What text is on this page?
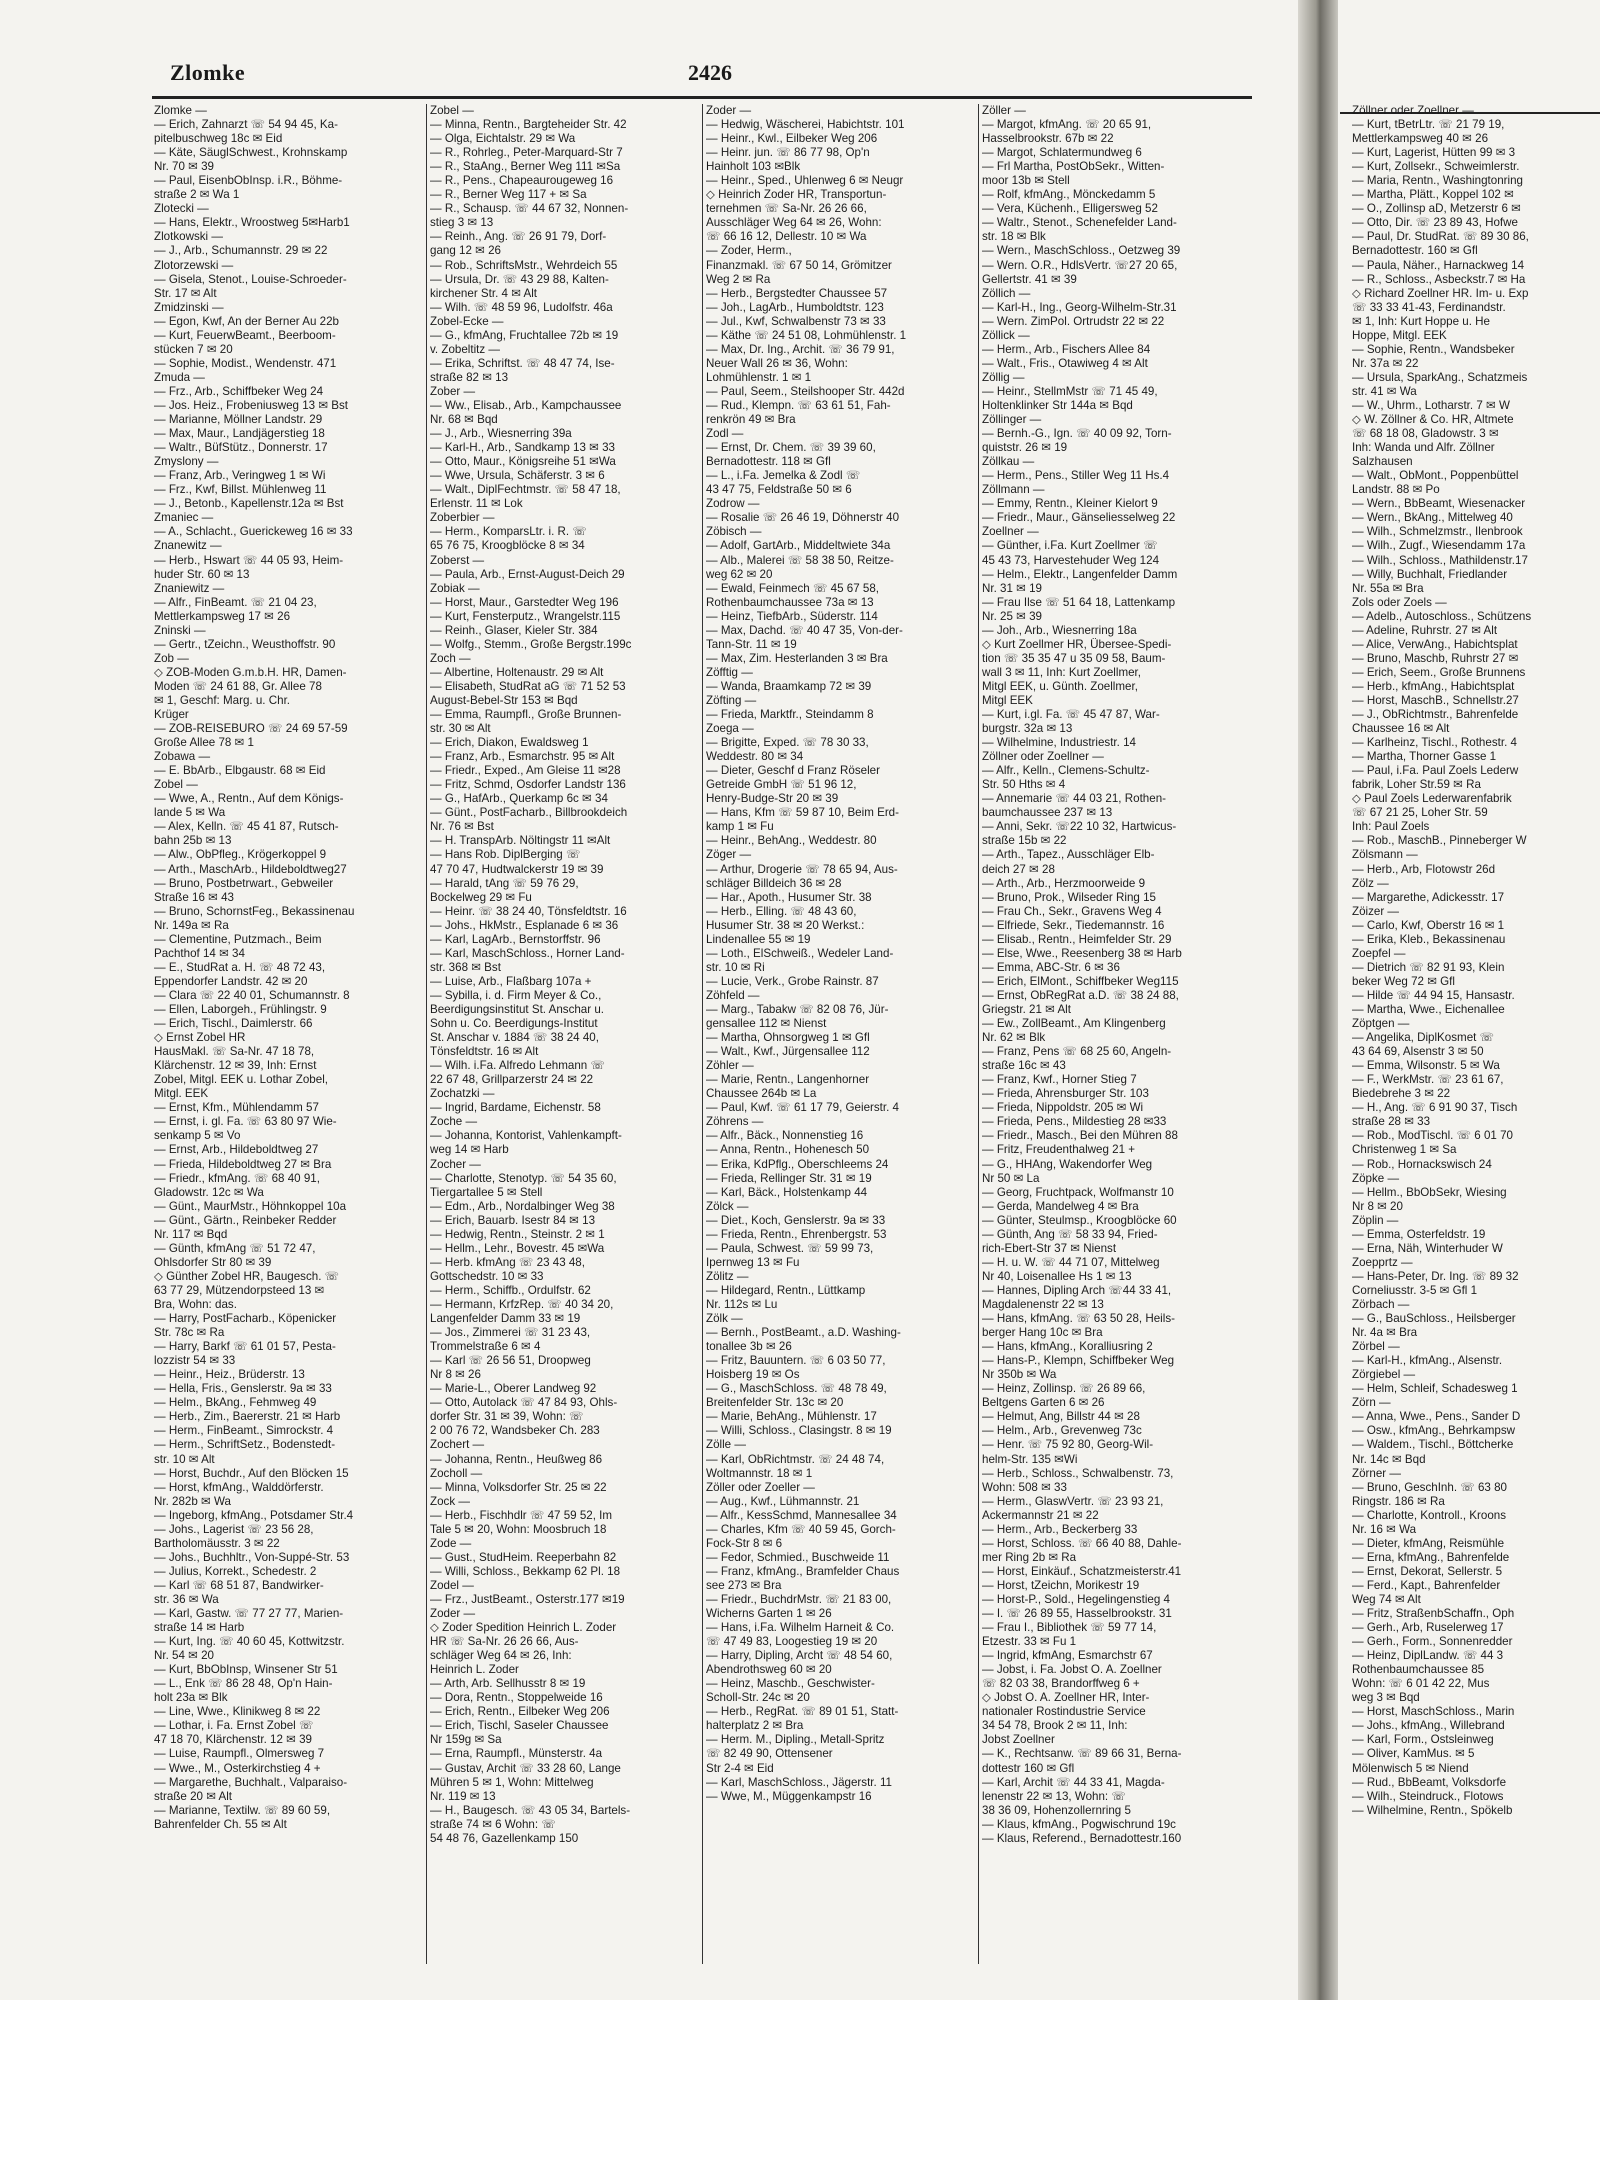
Zlomke	2426
Zlomke —
— Erich, Zahnarzt ☏ 54 94 45, Ka-
pitelbuschweg 18c ✉ Eid
— Käte, SäuglSchwest., Krohnskamp
Nr. 70 ✉ 39
— Paul, EisenbObInsp. i.R., Böhme-
straße 2 ✉ Wa 1
Zlotecki —
— Hans, Elektr., Wroostweg 5✉Harb1
Zlotkowski —
— J., Arb., Schumannstr. 29 ✉ 22
Zlotorzewski —
— Gisela, Stenot., Louise-Schroeder-
Str. 17 ✉ Alt
Zmidzinski —
— Egon, Kwf, An der Berner Au 22b
— Kurt, FeuerwBeamt., Beerboom-
stücken 7 ✉ 20
— Sophie, Modist., Wendenstr. 471
Zmuda —
— Frz., Arb., Schiffbeker Weg 24
— Jos. Heiz., Frobeniusweg 13 ✉ Bst
— Marianne, Möllner Landstr. 29
— Max, Maur., Landjägerstieg 18
— Waltr., BüfStütz., Donnerstr. 17
Zmyslony —
— Franz, Arb., Veringweg 1 ✉ Wi
— Frz., Kwf, Billst. Mühlenweg 11
— J., Betonb., Kapellenstr.12a ✉ Bst
Zmaniec —
— A., Schlacht., Guerickeweg 16 ✉ 33
Znanewitz —
— Herb., Hswart ☏ 44 05 93, Heim-
huder Str. 60 ✉ 13
Znaniewitz —
— Alfr., FinBeamt. ☏ 21 04 23,
Mettlerkampsweg 17 ✉ 26
Zninski —
— Gertr., tZeichn., Weusthoffstr. 90
Zob —
◇ ZOB-Moden G.m.b.H. HR, Damen-
Moden ☏ 24 61 88, Gr. Allee 78
✉ 1, Geschf: Marg. u. Chr.
Krüger
— ZOB-REISEBURO ☏ 24 69 57-59
Große Allee 78 ✉ 1
Zobawa —
— E. BbArb., Elbgaustr. 68 ✉ Eid
Zobel —
— Wwe, A., Rentn., Auf dem Königs-
lande 5 ✉ Wa
— Alex, Kelln. ☏ 45 41 87, Rutsch-
bahn 25b ✉ 13
— Alw., ObPfleg., Krögerkoppel 9
— Arth., MaschArb., Hildeboldtweg27
— Bruno, Postbetrwart., Gebweiler
Straße 16 ✉ 43
— Bruno, SchornstFeg., Bekassinenau
Nr. 149a ✉ Ra
— Clementine, Putzmach., Beim
Pachthof 14 ✉ 34
— E., StudRat a. H. ☏ 48 72 43,
Eppendorfer Landstr. 42 ✉ 20
— Clara ☏ 22 40 01, Schumannstr. 8
— Ellen, Laborgeh., Frühlingstr. 9
— Erich, Tischl., Daimlerstr. 66
◇ Ernst Zobel HR
HausMakl. ☏ Sa-Nr. 47 18 78,
Klärchenstr. 12 ✉ 39, Inh: Ernst
Zobel, Mitgl. EEK u. Lothar Zobel,
Mitgl. EEK
— Ernst, Kfm., Mühlendamm 57
— Ernst, i. gl. Fa. ☏ 63 80 97 Wie-
senkamp 5 ✉ Vo
— Ernst, Arb., Hildeboldtweg 27
— Frieda, Hildeboldtweg 27 ✉ Bra
— Friedr., kfmAng. ☏ 68 40 91,
Gladowstr. 12c ✉ Wa
— Günt., MaurMstr., Höhnkoppel 10a
— Günt., Gärtn., Reinbeker Redder
Nr. 117 ✉ Bqd
— Günth, kfmAng ☏ 51 72 47,
Ohlsdorfer Str 80 ✉ 39
◇ Günther Zobel HR, Baugesch. ☏
63 77 29, Mützendorpsteed 13 ✉
Bra, Wohn: das.
— Harry, PostFacharb., Köpenicker
Str. 78c ✉ Ra
— Harry, Barkf ☏ 61 01 57, Pesta-
lozzistr 54 ✉ 33
— Heinr., Heiz., Brüderstr. 13
— Hella, Fris., Genslerstr. 9a ✉ 33
— Helm., BkAng., Fehmweg 49
— Herb., Zim., Baererstr. 21 ✉ Harb
— Herm., FinBeamt., Simrockstr. 4
— Herm., SchriftSetz., Bodenstedt-
str. 10 ✉ Alt
— Horst, Buchdr., Auf den Blöcken 15
— Horst, kfmAng., Walddörferstr.
Nr. 282b ✉ Wa
— Ingeborg, kfmAng., Potsdamer Str.4
— Johs., Lagerist ☏ 23 56 28,
Bartholomäusstr. 3 ✉ 22
— Johs., Buchhltr., Von-Suppé-Str. 53
— Julius, Korrekt., Schedestr. 2
— Karl ☏ 68 51 87, Bandwirker-
str. 36 ✉ Wa
— Karl, Gastw. ☏ 77 27 77, Marien-
straße 14 ✉ Harb
— Kurt, Ing. ☏ 40 60 45, Kottwitzstr.
Nr. 54 ✉ 20
— Kurt, BbObInsp, Winsener Str 51
— L., Enk ☏ 86 28 48, Op'n Hain-
holt 23a ✉ Blk
— Line, Wwe., Klinikweg 8 ✉ 22
— Lothar, i. Fa. Ernst Zobel ☏
47 18 70, Klärchenstr. 12 ✉ 39
— Luise, Raumpfl., Olmersweg 7
— Wwe., M., Osterkirchstieg 4 +
— Margarethe, Buchhalt., Valparaiso-
straße 20 ✉ Alt
— Marianne, Textilw. ☏ 89 60 59,
Bahrenfelder Ch. 55 ✉ Alt
Zobel —
— Minna, Rentn., Bargteheider Str. 42
— Olga, Eichtalstr. 29 ✉ Wa
— R., Rohrleg., Peter-Marquard-Str 7
— R., StaAng., Berner Weg 111 ✉Sa
— R., Pens., Chapeaurougeweg 16
— R., Berner Weg 117 + ✉ Sa
— R., Schausp. ☏ 44 67 32, Nonnen-
stieg 3 ✉ 13
— Reinh., Ang. ☏ 26 91 79, Dorf-
gang 12 ✉ 26
— Rob., SchriftsMstr., Wehrdeich 55
— Ursula, Dr. ☏ 43 29 88, Kalten-
kirchener Str. 4 ✉ Alt
— Wilh. ☏ 48 59 96, Ludolfstr. 46a
Zobel-Ecke —
— G., kfmAng, Fruchtallee 72b ✉ 19
v. Zobeltitz —
— Erika, Schriftst. ☏ 48 47 74, Ise-
straße 82 ✉ 13
Zober —
— Ww., Elisab., Arb., Kampchaussee
Nr. 68 ✉ Bqd
— J., Arb., Wiesnerring 39a
— Karl-H., Arb., Sandkamp 13 ✉ 33
— Otto, Maur., Königsreihe 51 ✉Wa
— Wwe, Ursula, Schäferstr. 3 ✉ 6
— Walt., DiplFechtmstr. ☏ 58 47 18,
Erlenstr. 11 ✉ Lok
Zoberbier —
— Herm., KomparsLtr. i. R. ☏
65 76 75, Kroogblöcke 8 ✉ 34
Zoberst —
— Paula, Arb., Ernst-August-Deich 29
Zobiak —
— Horst, Maur., Garstedter Weg 196
— Kurt, Fensterputz., Wrangelstr.115
— Reinh., Glaser, Kieler Str. 384
— Wolfg., Stemm., Große Bergstr.199c
Zoch —
— Albertine, Holtenaustr. 29 ✉ Alt
— Elisabeth, StudRat aG ☏ 71 52 53
August-Bebel-Str 153 ✉ Bqd
— Emma, Raumpfl., Große Brunnen-
str. 30 ✉ Alt
— Erich, Diakon, Ewaldsweg 1
— Franz, Arb., Esmarchstr. 95 ✉ Alt
— Friedr., Exped., Am Gleise 11 ✉28
— Fritz, Schmd, Osdorfer Landstr 136
— G., HafArb., Querkamp 6c ✉ 34
— Günt., PostFacharb., Billbrookdeich
Nr. 76 ✉ Bst
— H. TranspArb. Nöltingstr 11 ✉Alt
— Hans Rob. DiplBerging ☏
47 70 47, Hudtwalckerstr 19 ✉ 39
— Harald, tAng ☏ 59 76 29,
Bockelweg 29 ✉ Fu
— Heinr. ☏ 38 24 40, Tönsfeldtstr. 16
— Johs., HkMstr., Esplanade 6 ✉ 36
— Karl, LagArb., Bernstorffstr. 96
— Karl, MaschSchloss., Horner Land-
str. 368 ✉ Bst
— Luise, Arb., Flaßbarg 107a +
— Sybilla, i. d. Firm Meyer & Co.,
Beerdigungsinstitut St. Anschar u.
Sohn u. Co. Beerdigungs-Institut
St. Anschar v. 1884 ☏ 38 24 40,
Tönsfeldtstr. 16 ✉ Alt
— Wilh. i.Fa. Alfredo Lehmann ☏
22 67 48, Grillparzerstr 24 ✉ 22
Zochatzki —
— Ingrid, Bardame, Eichenstr. 58
Zoche —
— Johanna, Kontorist, Vahlenkampft-
weg 14 ✉ Harb
Zocher —
— Charlotte, Stenotyp. ☏ 54 35 60,
Tiergartallee 5 ✉ Stell
— Edm., Arb., Nordalbinger Weg 38
— Erich, Bauarb. Isestr 84 ✉ 13
— Hedwig, Rentn., Steinstr. 2 ✉ 1
— Hellm., Lehr., Bovestr. 45 ✉Wa
— Herb. kfmAng ☏ 23 43 48,
Gottschedstr. 10 ✉ 33
— Herm., Schiffb., Ordulfstr. 62
— Hermann, KrfzRep. ☏ 40 34 20,
Langenfelder Damm 33 ✉ 19
— Jos., Zimmerei ☏ 31 23 43,
Trommelstraße 6 ✉ 4
— Karl ☏ 26 56 51, Droopweg
Nr 8 ✉ 26
— Marie-L., Oberer Landweg 92
— Otto, Autolack ☏ 47 84 93, Ohls-
dorfer Str. 31 ✉ 39, Wohn: ☏
2 00 76 72, Wandsbeker Ch. 283
Zochert —
— Johanna, Rentn., Heußweg 86
Zocholl —
— Minna, Volksdorfer Str. 25 ✉ 22
Zock —
— Herb., Fischhdlr ☏ 47 59 52, Im
Tale 5 ✉ 20, Wohn: Moosbruch 18
Zode —
— Gust., StudHeim. Reeperbahn 82
— Willi, Schloss., Bekkamp 62 Pl. 18
Zodel —
— Frz., JustBeamt., Osterstr.177 ✉19
Zoder —
◇ Zoder Spedition Heinrich L. Zoder
HR ☏ Sa-Nr. 26 26 66, Aus-
schläger Weg 64 ✉ 26, Inh:
Heinrich L. Zoder
— Arth, Arb. Sellhusstr 8 ✉ 19
— Dora, Rentn., Stoppelweide 16
— Erich, Rentn., Eilbeker Weg 206
— Erich, Tischl, Saseler Chaussee
Nr 159g ✉ Sa
— Erna, Raumpfl., Münsterstr. 4a
— Gustav, Archit ☏ 33 28 60, Lange
Mühren 5 ✉ 1, Wohn: Mittelweg
Nr. 119 ✉ 13
— H., Baugesch. ☏ 43 05 34, Bartels-
straße 74 ✉ 6 Wohn: ☏
54 48 76, Gazellenkamp 150
Zoder —
— Hedwig, Wäscherei, Habichtstr. 101
— Heinr., Kwl., Eilbeker Weg 206
— Heinr. jun. ☏ 86 77 98, Op'n
Hainholt 103 ✉Blk
— Heinr., Sped., Uhlenweg 6 ✉ Neugr
◇ Heinrich Zoder HR, Transportun-
ternehmen ☏ Sa-Nr. 26 26 66,
Ausschläger Weg 64 ✉ 26, Wohn:
☏ 66 16 12, Dellestr. 10 ✉ Wa
— Zoder, Herm.,
Finanzmakl. ☏ 67 50 14, Grömitzer
Weg 2 ✉ Ra
— Herb., Bergstedter Chaussee 57
— Joh., LagArb., Humboldtstr. 123
— Jul., Kwf, Schwalbenstr 73 ✉ 33
— Käthe ☏ 24 51 08, Lohmühlenstr. 1
— Max, Dr. Ing., Archit. ☏ 36 79 91,
Neuer Wall 26 ✉ 36, Wohn:
Lohmühlenstr. 1 ✉ 1
— Paul, Seem., Steilshooper Str. 442d
— Rud., Klempn. ☏ 63 61 51, Fah-
renkrön 49 ✉ Bra
Zodl —
— Ernst, Dr. Chem. ☏ 39 39 60,
Bernadottestr. 118 ✉ Gfl
— L., i.Fa. Jemelka & Zodl ☏
43 47 75, Feldstraße 50 ✉ 6
Zodrow —
— Rosalie ☏ 26 46 19, Döhnerstr 40
Zöbisch —
— Adolf, GartArb., Middeltwiete 34a
— Alb., Malerei ☏ 58 38 50, Reitze-
weg 62 ✉ 20
— Ewald, Feinmech ☏ 45 67 58,
Rothenbaumchaussee 73a ✉ 13
— Heinz, TiefbArb., Süderstr. 114
— Max, Dachd. ☏ 40 47 35, Von-der-
Tann-Str. 11 ✉ 19
— Max, Zim. Hesterlanden 3 ✉ Bra
Zöfftig —
— Wanda, Braamkamp 72 ✉ 39
Zöfting —
— Frieda, Marktfr., Steindamm 8
Zoega —
— Brigitte, Exped. ☏ 78 30 33,
Weddestr. 80 ✉ 34
— Dieter, Geschf d Franz Röseler
Getreide GmbH ☏ 51 96 12,
Henry-Budge-Str 20 ✉ 39
— Hans, Kfm ☏ 59 87 10, Beim Erd-
kamp 1 ✉ Fu
— Heinr., BehAng., Weddestr. 80
Zöger —
— Arthur, Drogerie ☏ 78 65 94, Aus-
schläger Billdeich 36 ✉ 28
— Har., Apoth., Husumer Str. 38
— Herb., Elling. ☏ 48 43 60,
Husumer Str. 38 ✉ 20 Werkst.:
Lindenallee 55 ✉ 19
— Loth., ElSchweiß., Wedeler Land-
str. 10 ✉ Ri
— Lucie, Verk., Grobe Rainstr. 87
Zöhfeld —
— Marg., Tabakw ☏ 82 08 76, Jür-
gensallee 112 ✉ Nienst
— Martha, Ohnsorgweg 1 ✉ Gfl
— Walt., Kwf., Jürgensallee 112
Zöhler —
— Marie, Rentn., Langenhorner
Chaussee 264b ✉ La
— Paul, Kwf. ☏ 61 17 79, Geierstr. 4
Zöhrens —
— Alfr., Bäck., Nonnenstieg 16
— Anna, Rentn., Hohenesch 50
— Erika, KdPflg., Oberschleems 24
— Frieda, Rellinger Str. 31 ✉ 19
— Karl, Bäck., Holstenkamp 44
Zölck —
— Diet., Koch, Genslerstr. 9a ✉ 33
— Frieda, Rentn., Ehrenbergstr. 53
— Paula, Schwest. ☏ 59 99 73,
Ipernweg 13 ✉ Fu
Zölitz —
— Hildegard, Rentn., Lüttkamp
Nr. 112s ✉ Lu
Zölk —
— Bernh., PostBeamt., a.D. Washing-
tonallee 3b ✉ 26
— Fritz, Bauuntern. ☏ 6 03 50 77,
Hoisberg 19 ✉ Os
— G., MaschSchloss. ☏ 48 78 49,
Breitenfelder Str. 13c ✉ 20
— Marie, BehAng., Mühlenstr. 17
— Willi, Schloss., Clasingstr. 8 ✉ 19
Zölle —
— Karl, ObRichtmstr. ☏ 24 48 74,
Woltmannstr. 18 ✉ 1
Zöller oder Zoeller —
— Aug., Kwf., Lühmannstr. 21
— Alfr., KessSchmd, Mannesallee 34
— Charles, Kfm ☏ 40 59 45, Gorch-
Fock-Str 8 ✉ 6
— Fedor, Schmied., Buschweide 11
— Franz, kfmAng., Bramfelder Chaus
see 273 ✉ Bra
— Friedr., BuchdrMstr. ☏ 21 83 00,
Wicherns Garten 1 ✉ 26
— Hans, i.Fa. Wilhelm Harneit & Co.
☏ 47 49 83, Loogestieg 19 ✉ 20
— Harry, Dipling, Archt ☏ 48 54 60,
Abendrothsweg 60 ✉ 20
— Heinz, Maschb., Geschwister-
Scholl-Str. 24c ✉ 20
— Herb., RegRat. ☏ 89 01 51, Statt-
halterplatz 2 ✉ Bra
— Herm. M., Dipling., Metall-Spritz
☏ 82 49 90, Ottensener
Str 2-4 ✉ Eid
— Karl, MaschSchloss., Jägerstr. 11
— Wwe, M., Müggenkampstr 16
Zöller —
— Margot, kfmAng. ☏ 20 65 91,
Hasselbrookstr. 67b ✉ 22
— Margot, Schlatermundweg 6
— Frl Martha, PostObSekr., Witten-
moor 13b ✉ Stell
— Rolf, kfmAng., Mönckedamm 5
— Vera, Küchenh., Elligersweg 52
— Waltr., Stenot., Schenefelder Land-
str. 18 ✉ Blk
— Wern., MaschSchloss., Oetzweg 39
— Wern. O.R., HdlsVertr. ☏27 20 65,
Gellertstr. 41 ✉ 39
Zöllich —
— Karl-H., Ing., Georg-Wilhelm-Str.31
— Wern. ZimPol. Ortrudstr 22 ✉ 22
Zöllick —
— Herm., Arb., Fischers Allee 84
— Walt., Fris., Otawiweg 4 ✉ Alt
Zöllig —
— Heinr., StellmMstr ☏ 71 45 49,
Holtenklinker Str 144a ✉ Bqd
Zöllinger —
— Bernh.-G., Ign. ☏ 40 09 92, Torn-
quiststr. 26 ✉ 19
Zöllkau —
— Herm., Pens., Stiller Weg 11 Hs.4
Zöllmann —
— Emmy, Rentn., Kleiner Kielort 9
— Friedr., Maur., Gänseliesselweg 22
Zoellner —
— Günther, i.Fa. Kurt Zoellmer ☏
45 43 73, Harvestehuder Weg 124
— Helm., Elektr., Langenfelder Damm
Nr. 31 ✉ 19
— Frau Ilse ☏ 51 64 18, Lattenkamp
Nr. 25 ✉ 39
— Joh., Arb., Wiesnerring 18a
◇ Kurt Zoellmer HR, Übersee-Spedi-
tion ☏ 35 35 47 u 35 09 58, Baum-
wall 3 ✉ 11, Inh: Kurt Zoellmer,
Mitgl EEK, u. Günth. Zoellmer,
Mitgl EEK
— Kurt, i.gl. Fa. ☏ 45 47 87, War-
burgstr. 32a ✉ 13
— Wilhelmine, Industriestr. 14
Zöllner oder Zoellner —
— Alfr., Kelln., Clemens-Schultz-
Str. 50 Hths ✉ 4
— Annemarie ☏ 44 03 21, Rothen-
baumchaussee 237 ✉ 13
— Anni, Sekr. ☏22 10 32, Hartwicus-
straße 15b ✉ 22
— Arth., Tapez., Ausschläger Elb-
deich 27 ✉ 28
— Arth., Arb., Herzmoorweide 9
— Bruno, Prok., Wilseder Ring 15
— Frau Ch., Sekr., Gravens Weg 4
— Elfriede, Sekr., Tiedemannstr. 16
— Elisab., Rentn., Heimfelder Str. 29
— Else, Wwe., Reesenberg 38 ✉ Harb
— Emma, ABC-Str. 6 ✉ 36
— Erich, ElMont., Schiffbeker Weg115
— Ernst, ObRegRat a.D. ☏ 38 24 88,
Griegstr. 21 ✉ Alt
— Ew., ZollBeamt., Am Klingenberg
Nr. 62 ✉ Blk
— Franz, Pens ☏ 68 25 60, Angeln-
straße 16c ✉ 43
— Franz, Kwf., Horner Stieg 7
— Frieda, Ahrensburger Str. 103
— Frieda, Nippoldstr. 205 ✉ Wi
— Frieda, Pens., Mildestieg 28 ✉33
— Friedr., Masch., Bei den Mühren 88
— Fritz, Freudenthalweg 21 +
— G., HHAng, Wakendorfer Weg
Nr 50 ✉ La
— Georg, Fruchtpack, Wolfmanstr 10
— Gerda, Mandelweg 4 ✉ Bra
— Günter, Steulmsp., Kroogblöcke 60
— Günth, Ang ☏ 58 33 94, Fried-
rich-Ebert-Str 37 ✉ Nienst
— H. u. W. ☏ 44 71 07, Mittelweg
Nr 40, Loisenallee Hs 1 ✉ 13
— Hannes, Dipling Arch ☏44 33 41,
Magdalenenstr 22 ✉ 13
— Hans, kfmAng. ☏ 63 50 28, Heils-
berger Hang 10c ✉ Bra
— Hans, kfmAng., Koralliusring 2
— Hans-P., Klempn, Schiffbeker Weg
Nr 350b ✉ Wa
— Heinz, Zollinsp. ☏ 26 89 66,
Beltgens Garten 6 ✉ 26
— Helmut, Ang, Billstr 44 ✉ 28
— Helm., Arb., Grevenweg 73c
— Henr. ☏ 75 92 80, Georg-Wil-
helm-Str. 135 ✉Wi
— Herb., Schloss., Schwalbenstr. 73,
Wohn: 508 ✉ 33
— Herm., GlaswVertr. ☏ 23 93 21,
Ackermannstr 21 ✉ 22
— Herm., Arb., Beckerberg 33
— Horst, Schloss. ☏ 66 40 88, Dahle-
mer Ring 2b ✉ Ra
— Horst, Einkäuf., Schatzmeisterstr.41
— Horst, tZeichn, Morikestr 19
— Horst-P., Sold., Hegelingenstieg 4
— I. ☏ 26 89 55, Hasselbrookstr. 31
— Frau I., Bibliothek ☏ 59 77 14,
Etzestr. 33 ✉ Fu 1
— Ingrid, kfmAng, Esmarchstr 67
— Jobst, i. Fa. Jobst O. A. Zoellner
☏ 82 03 38, Brandorffweg 6 +
◇ Jobst O. A. Zoellner HR, Inter-
nationaler Rostindustrie Service
34 54 78, Brook 2 ✉ 11, Inh:
Jobst Zoellner
— K., Rechtsanw. ☏ 89 66 31, Berna-
dottestr 160 ✉ Gfl
— Karl, Archit ☏ 44 33 41, Magda-
lenenstr 22 ✉ 13, Wohn: ☏
38 36 09, Hohenzollernring 5
— Klaus, kfmAng., Pogwischrund 19c
— Klaus, Referend., Bernadottestr.160
Zöllner oder Zoellner —
— Kurt, tBetrLtr. ☏ 21 79 19,
Mettlerkampsweg 40 ✉ 26
— Kurt, Lagerist, Hütten 99 ✉ 3
— Kurt, Zollsekr., Schweimlerstr.
— Maria, Rentn., Washingtonring
— Martha, Plätt., Koppel 102 ✉
— O., Zollinsp aD, Metzerstr 6 ✉
— Otto, Dir. ☏ 23 89 43, Hofwe
— Paul, Dr. StudRat. ☏ 89 30 86,
Bernadottestr. 160 ✉ Gfl
— Paula, Näher., Harnackweg 14
— R., Schloss., Asbeckstr.7 ✉ Ha
◇ Richard Zoellner HR. Im- u. Exp
☏ 33 33 41-43, Ferdinandstr.
✉ 1, Inh: Kurt Hoppe u. He
Hoppe, Mitgl. EEK
— Sophie, Rentn., Wandsbeker
Nr. 37a ✉ 22
— Ursula, SparkAng., Schatzmeis
str. 41 ✉ Wa
— W., Uhrm., Lotharstr. 7 ✉ W
◇ W. Zöllner & Co. HR, Altmete
☏ 68 18 08, Gladowstr. 3 ✉
Inh: Wanda und Alfr. Zöllner
Salzhausen
— Walt., ObMont., Poppenbüttel
Landstr. 88 ✉ Po
— Wern., BbBeamt, Wiesenacker
— Wern., BkAng., Mittelweg 40
— Wilh., Schmelzmstr., Ilenbrook
— Wilh., Zugf., Wiesendamm 17a
— Wilh., Schloss., Mathildenstr.17
— Willy, Buchhalt, Friedlander
Nr. 55a ✉ Bra
Zols oder Zoels —
— Adelb., Autoschloss., Schützens
— Adeline, Ruhrstr. 27 ✉ Alt
— Alice, VerwAng., Habichtsplat
— Bruno, Maschb, Ruhrstr 27 ✉
— Erich, Seem., Große Brunnens
— Herb., kfmAng., Habichtsplat
— Horst, MaschB., Schnellstr.27
— J., ObRichtmstr., Bahrenfelde
Chaussee 16 ✉ Alt
— Karlheinz, Tischl., Rothestr. 4
— Martha, Thorner Gasse 1
— Paul, i.Fa. Paul Zoels Lederw
fabrik, Loher Str.59 ✉ Ra
◇ Paul Zoels Lederwarenfabrik
☏ 67 21 25, Loher Str. 59
Inh: Paul Zoels
— Rob., MaschB., Pinneberger W
Zölsmann —
— Herb., Arb, Flotowstr 26d
Zölz —
— Margarethe, Adickesstr. 17
Zöizer —
— Carlo, Kwf, Oberstr 16 ✉ 1
— Erika, Kleb., Bekassinenau
Zoepfel —
— Dietrich ☏ 82 91 93, Klein
beker Weg 72 ✉ Gfl
— Hilde ☏ 44 94 15, Hansastr.
— Martha, Wwe., Eichenallee
Zöptgen —
— Angelika, DiplKosmet ☏
43 64 69, Alsenstr 3 ✉ 50
— Emma, Wilsonstr. 5 ✉ Wa
— F., WerkMstr. ☏ 23 61 67,
Biedebrehe 3 ✉ 22
— H., Ang. ☏ 6 91 90 37, Tisch
straße 28 ✉ 33
— Rob., ModTischl. ☏ 6 01 70
Christenweg 1 ✉ Sa
— Rob., Hornackswisch 24
Zöpke —
— Hellm., BbObSekr, Wiesing
Nr 8 ✉ 20
Zöplin —
— Emma, Osterfeldstr. 19
— Erna, Näh, Winterhuder W
Zoepprtz —
— Hans-Peter, Dr. Ing. ☏ 89 32
Corneliusstr. 3-5 ✉ Gfl 1
Zörbach —
— G., BauSchloss., Heilsberger
Nr. 4a ✉ Bra
Zörbel —
— Karl-H., kfmAng., Alsenstr.
Zörgiebel —
— Helm, Schleif, Schadesweg 1
Zörn —
— Anna, Wwe., Pens., Sander D
— Osw., kfmAng., Behrkampsw
— Waldem., Tischl., Böttcherke
Nr. 14c ✉ Bqd
Zörner —
— Bruno, GeschInh. ☏ 63 80
Ringstr. 186 ✉ Ra
— Charlotte, Kontroll., Kroons
Nr. 16 ✉ Wa
— Dieter, kfmAng, Reismühle
— Erna, kfmAng., Bahrenfelde
— Ernst, Dekorat, Sellerstr. 5
— Ferd., Kapt., Bahrenfelder
Weg 74 ✉ Alt
— Fritz, StraßenbSchaffn., Oph
— Gerh., Arb, Ruselerweg 17
— Gerh., Form., Sonnenredder
— Heinz, DiplLandw. ☏ 44 3
Rothenbaumchaussee 85
Wohn: ☏ 6 01 42 22, Mus
weg 3 ✉ Bqd
— Horst, MaschSchloss., Marin
— Johs., kfmAng., Willebrand
— Karl, Form., Ostsleinweg
— Oliver, KamMus. ✉ 5
Mölenwisch 5 ✉ Niend
— Rud., BbBeamt, Volksdorfe
— Wilh., Steindruck., Flotows
— Wilhelmine, Rentn., Spökelb
